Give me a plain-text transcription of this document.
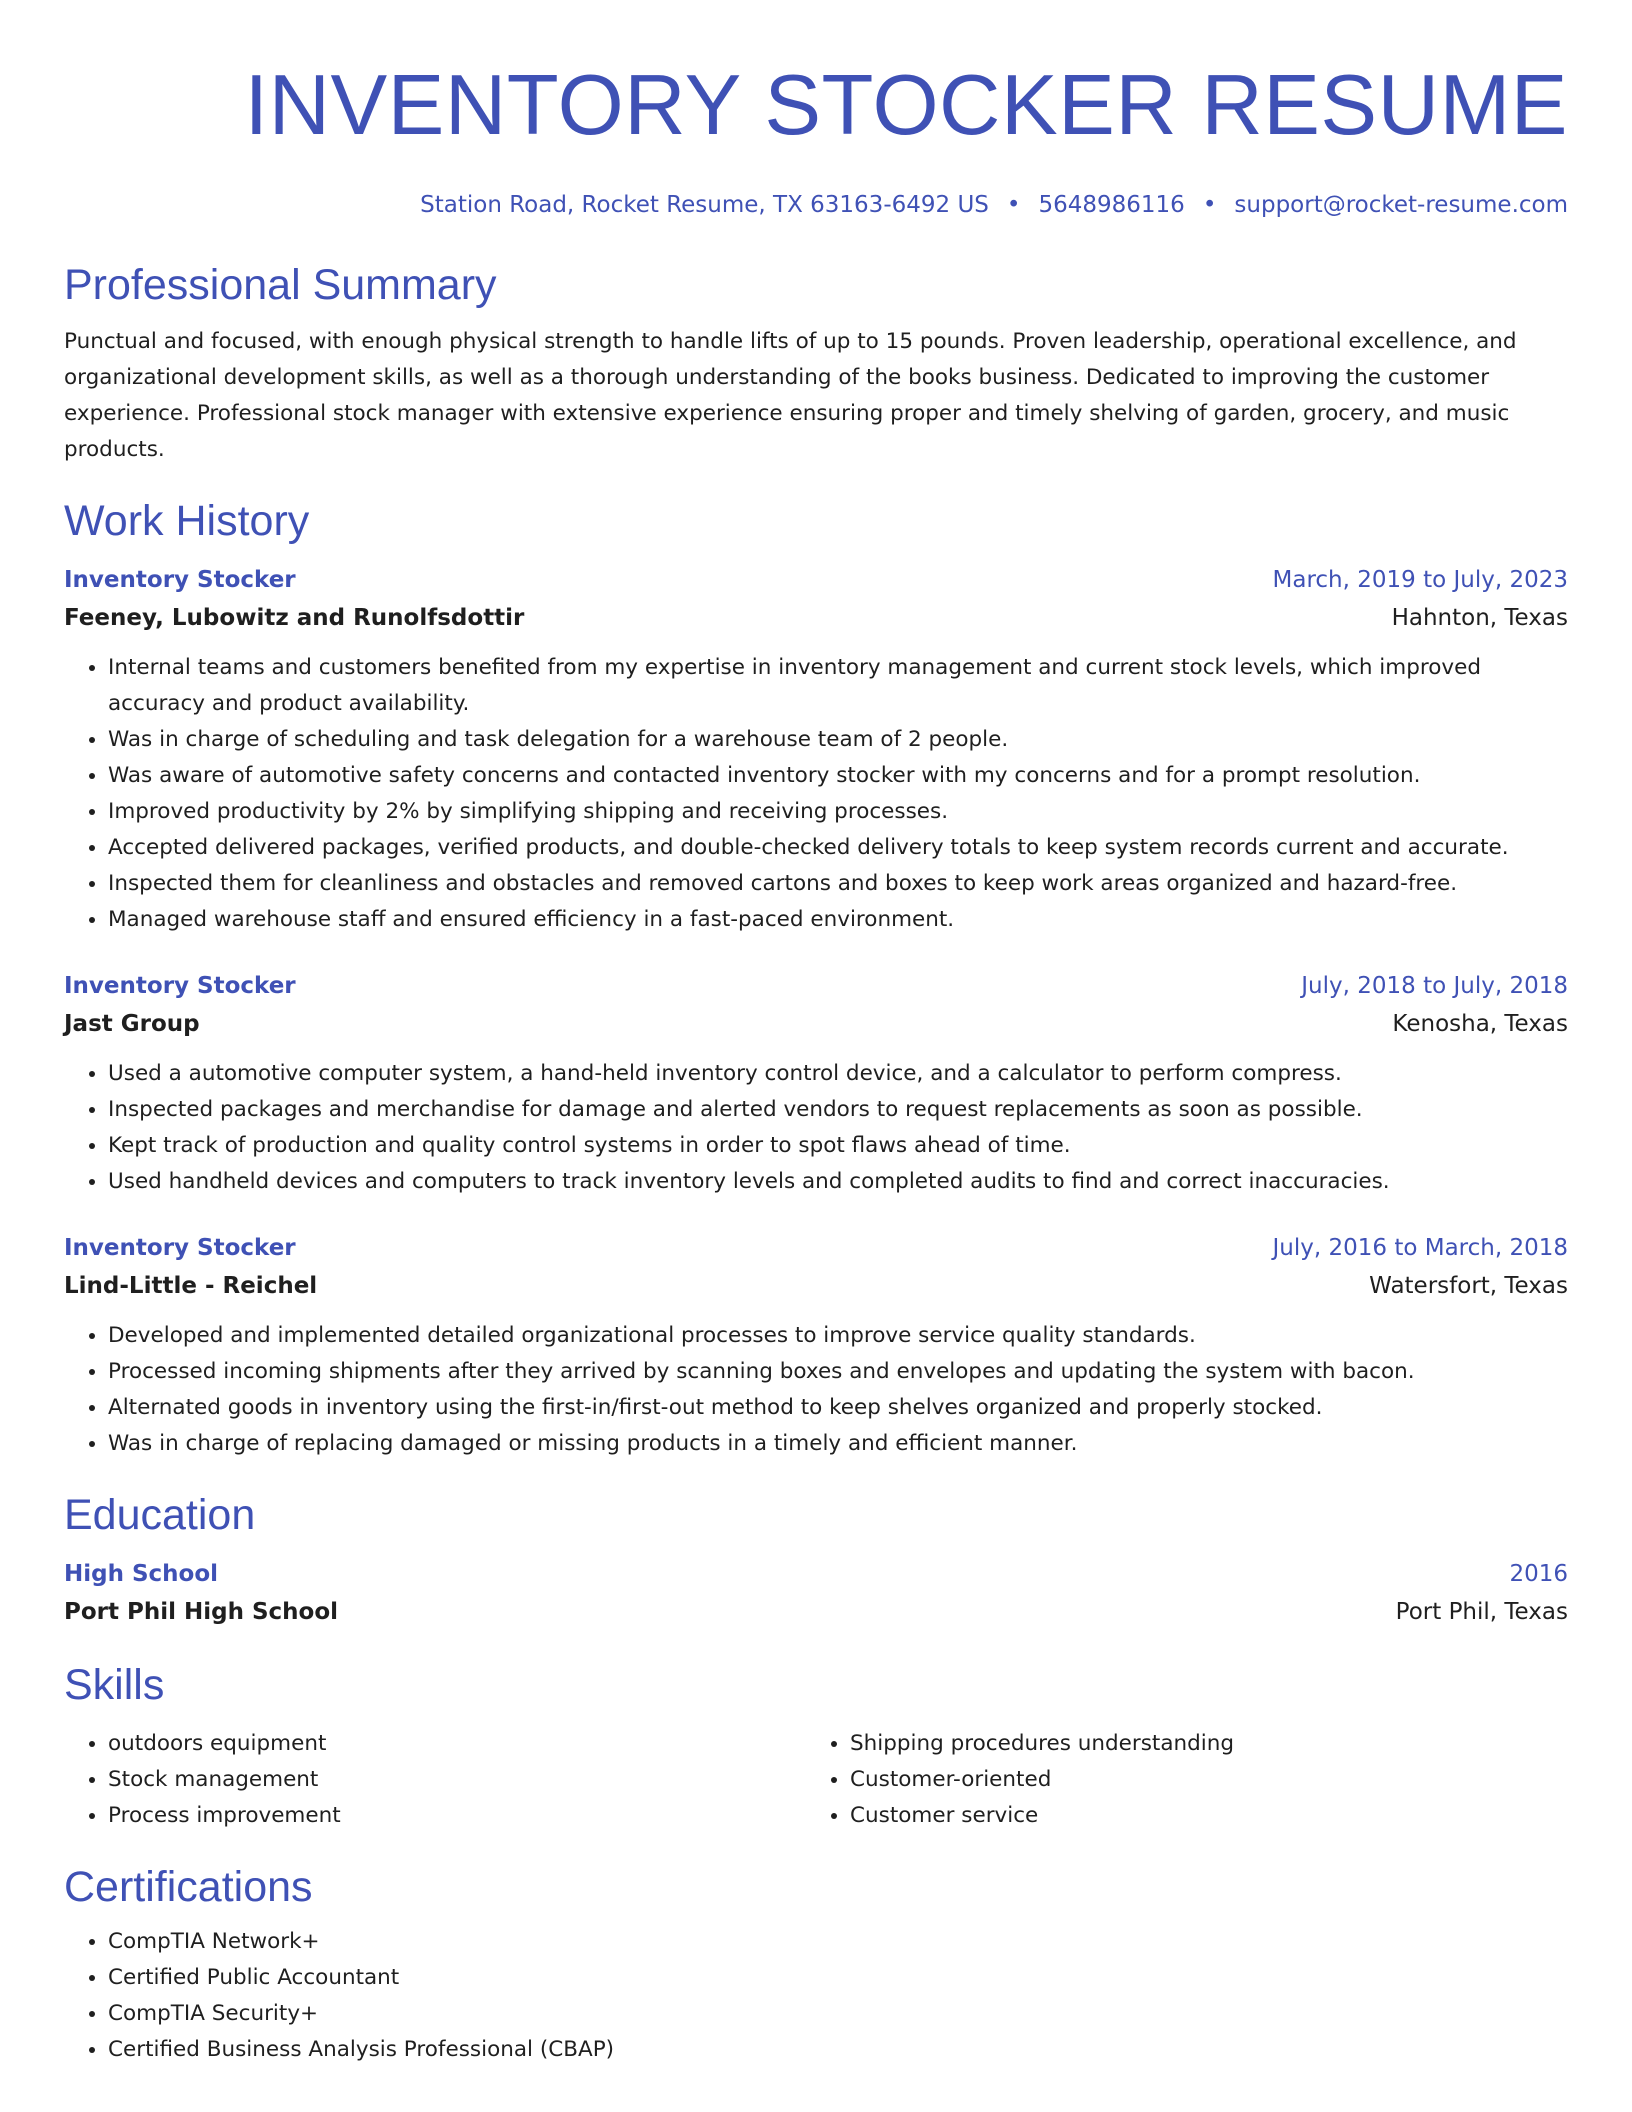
INVENTORY STOCKER RESUME
Station Road, Rocket Resume, TX 63163-6492 US • 5648986116 • support@rocket-resume.com
Professional Summary
Punctual and focused, with enough physical strength to handle lifts of up to 15 pounds. Proven leadership, operational excellence, and organizational development skills, as well as a thorough understanding of the books business. Dedicated to improving the customer experience. Professional stock manager with extensive experience ensuring proper and timely shelving of garden, grocery, and music products.
Work History
Inventory Stocker	March, 2019 to July, 2023
Feeney, Lubowitz and Runolfsdottir	Hahnton, Texas
• Internal teams and customers benefited from my expertise in inventory management and current stock levels, which improved accuracy and product availability.
• Was in charge of scheduling and task delegation for a warehouse team of 2 people.
• Was aware of automotive safety concerns and contacted inventory stocker with my concerns and for a prompt resolution.
• Improved productivity by 2% by simplifying shipping and receiving processes.
• Accepted delivered packages, verified products, and double-checked delivery totals to keep system records current and accurate.
• Inspected them for cleanliness and obstacles and removed cartons and boxes to keep work areas organized and hazard-free.
• Managed warehouse staff and ensured efficiency in a fast-paced environment.
Inventory Stocker	July, 2018 to July, 2018
Jast Group	Kenosha, Texas
• Used a automotive computer system, a hand-held inventory control device, and a calculator to perform compress.
• Inspected packages and merchandise for damage and alerted vendors to request replacements as soon as possible.
• Kept track of production and quality control systems in order to spot flaws ahead of time.
• Used handheld devices and computers to track inventory levels and completed audits to find and correct inaccuracies.
Inventory Stocker	July, 2016 to March, 2018
Lind-Little - Reichel	Watersfort, Texas
• Developed and implemented detailed organizational processes to improve service quality standards.
• Processed incoming shipments after they arrived by scanning boxes and envelopes and updating the system with bacon.
• Alternated goods in inventory using the first-in/first-out method to keep shelves organized and properly stocked.
• Was in charge of replacing damaged or missing products in a timely and efficient manner.
Education
High School	2016
Port Phil High School	Port Phil, Texas
Skills
• outdoors equipment
• Stock management
• Process improvement
• Shipping procedures understanding
• Customer-oriented
• Customer service
Certifications
• CompTIA Network+
• Certified Public Accountant
• CompTIA Security+
• Certified Business Analysis Professional (CBAP)
